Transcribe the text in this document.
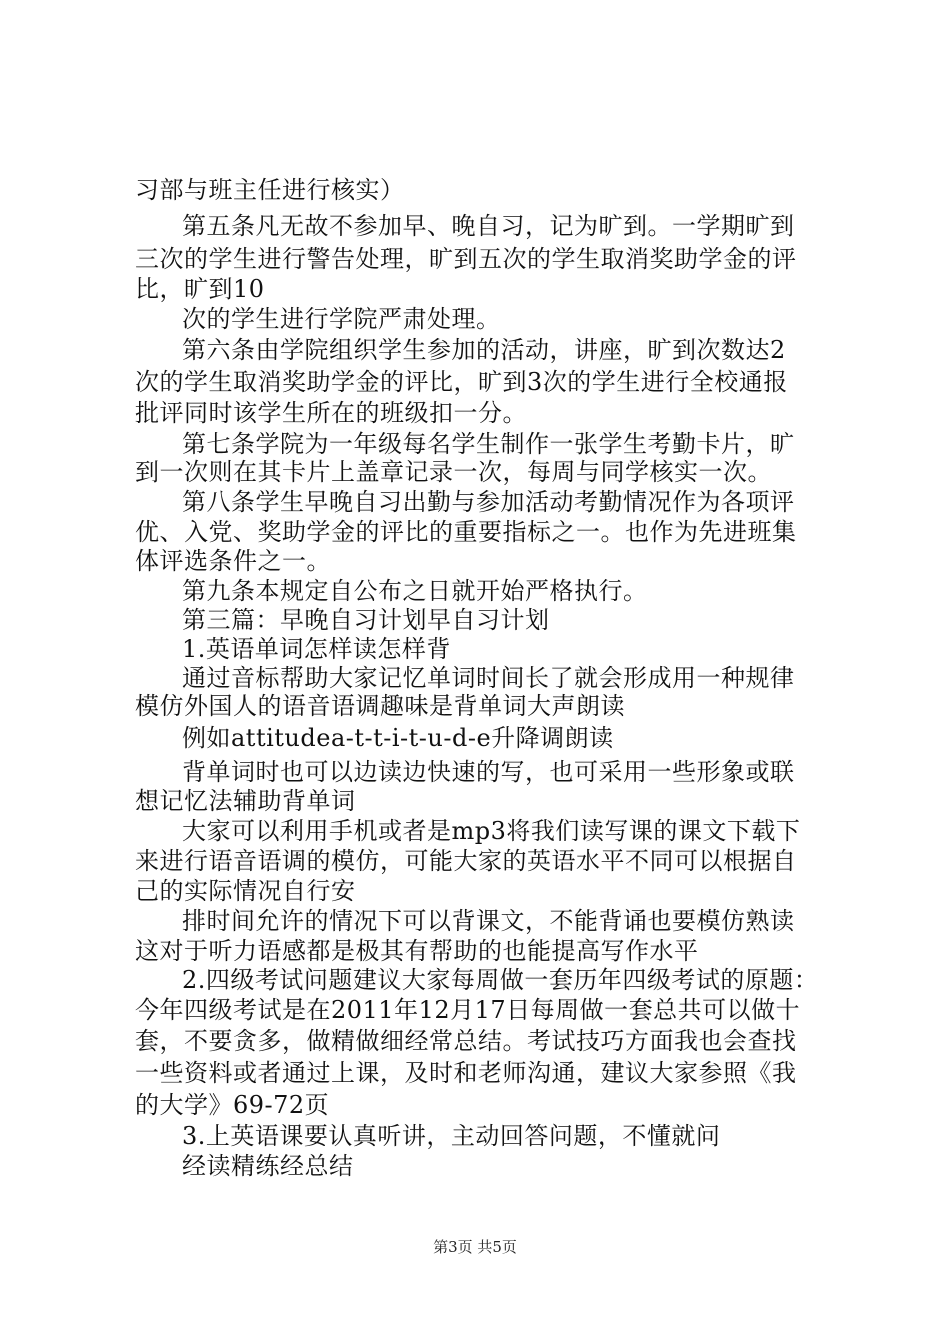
习部与班主任进行核实）
第五条凡无故不参加早、晚自习，记为旷到。一学期旷到
三次的学生进行警告处理，旷到五次的学生取消奖助学金的评
比，旷到10
次的学生进行学院严肃处理。
第六条由学院组织学生参加的活动，讲座，旷到次数达2
次的学生取消奖助学金的评比，旷到3次的学生进行全校通报
批评同时该学生所在的班级扣一分。
第七条学院为一年级每名学生制作一张学生考勤卡片，旷
到一次则在其卡片上盖章记录一次，每周与同学核实一次。
第八条学生早晚自习出勤与参加活动考勤情况作为各项评
优、入党、奖助学金的评比的重要指标之一。也作为先进班集
体评选条件之一。
第九条本规定自公布之日就开始严格执行。
第三篇：早晚自习计划早自习计划
1.英语单词怎样读怎样背
通过音标帮助大家记忆单词时间长了就会形成用一种规律
模仿外国人的语音语调趣味是背单词大声朗读
例如attitudea-t-t-i-t-u-d-e升降调朗读
背单词时也可以边读边快速的写，也可采用一些形象或联
想记忆法辅助背单词
大家可以利用手机或者是mp3将我们读写课的课文下载下
来进行语音语调的模仿，可能大家的英语水平不同可以根据自
己的实际情况自行安
排时间允许的情况下可以背课文，不能背诵也要模仿熟读
这对于听力语感都是极其有帮助的也能提高写作水平
2.四级考试问题建议大家每周做一套历年四级考试的原题：
今年四级考试是在2011年12月17日每周做一套总共可以做十
套，不要贪多，做精做细经常总结。考试技巧方面我也会查找
一些资料或者通过上课，及时和老师沟通，建议大家参照《我
的大学》69-72页
3.上英语课要认真听讲，主动回答问题，不懂就问
经读精练经总结
第3页 共5页
